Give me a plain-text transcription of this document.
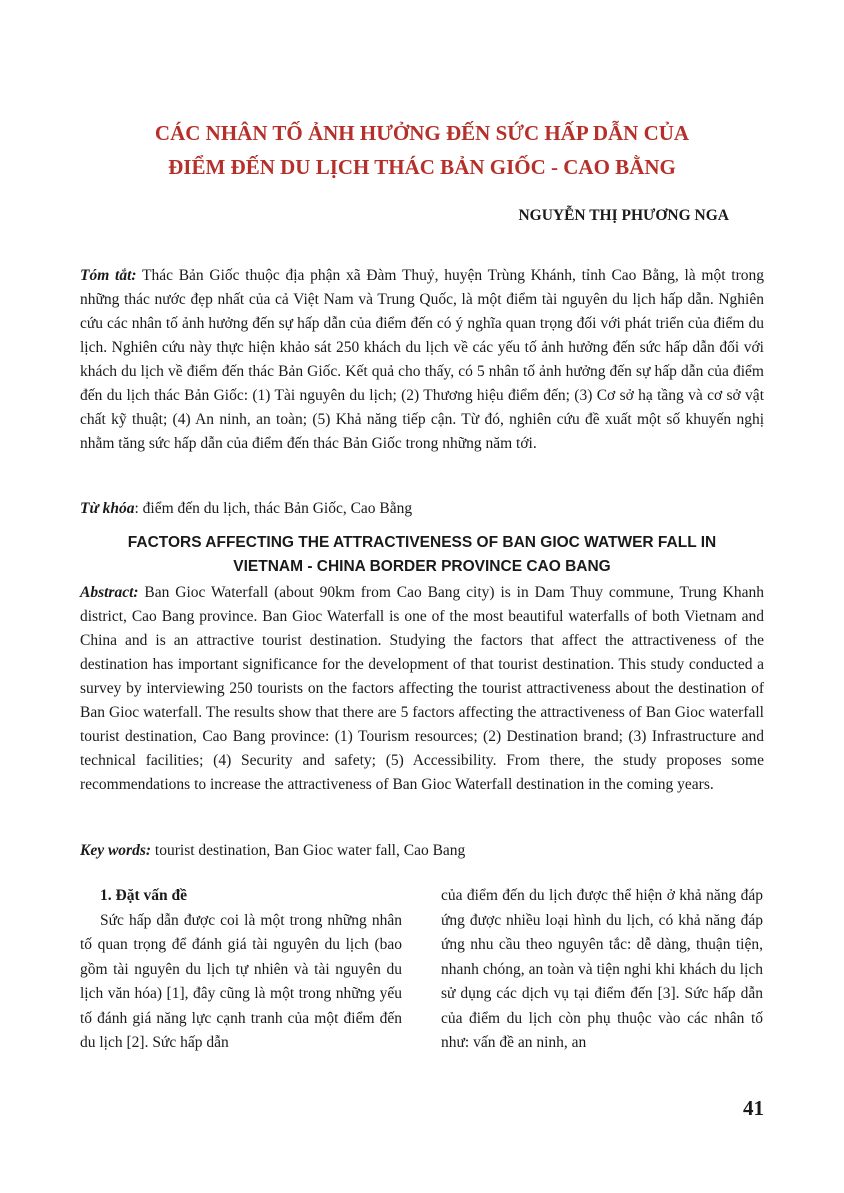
CÁC NHÂN TỐ ẢNH HƯỞNG ĐẾN SỨC HẤP DẪN CỦA
ĐIỂM ĐẾN DU LỊCH THÁC BẢN GIỐC - CAO BẰNG

NGUYỄN THỊ PHƯƠNG NGA

Tóm tắt: Thác Bản Giốc thuộc địa phận xã Đàm Thuỷ, huyện Trùng Khánh, tỉnh Cao Bằng, là một trong những thác nước đẹp nhất của cả Việt Nam và Trung Quốc, là một điểm tài nguyên du lịch hấp dẫn. Nghiên cứu các nhân tố ảnh hưởng đến sự hấp dẫn của điểm đến có ý nghĩa quan trọng đối với phát triển của điểm du lịch. Nghiên cứu này thực hiện khảo sát 250 khách du lịch về các yếu tố ảnh hưởng đến sức hấp dẫn đối với khách du lịch về điểm đến thác Bản Giốc. Kết quả cho thấy, có 5 nhân tố ảnh hưởng đến sự hấp dẫn của điểm đến du lịch thác Bản Giốc: (1) Tài nguyên du lịch; (2) Thương hiệu điểm đến; (3) Cơ sở hạ tầng và cơ sở vật chất kỹ thuật; (4) An ninh, an toàn; (5) Khả năng tiếp cận. Từ đó, nghiên cứu đề xuất một số khuyến nghị nhằm tăng sức hấp dẫn của điểm đến thác Bản Giốc trong những năm tới.

Từ khóa: điểm đến du lịch, thác Bản Giốc, Cao Bằng

FACTORS AFFECTING THE ATTRACTIVENESS OF BAN GIOC WATWER FALL IN
VIETNAM - CHINA BORDER PROVINCE CAO BANG

Abstract: Ban Gioc Waterfall (about 90km from Cao Bang city) is in Dam Thuy commune, Trung Khanh district, Cao Bang province. Ban Gioc Waterfall is one of the most beautiful waterfalls of both Vietnam and China and is an attractive tourist destination. Studying the factors that affect the attractiveness of the destination has important significance for the development of that tourist destination. This study conducted a survey by interviewing 250 tourists on the factors affecting the tourist attractiveness about the destination of Ban Gioc waterfall. The results show that there are 5 factors affecting the attractiveness of Ban Gioc waterfall tourist destination, Cao Bang province: (1) Tourism resources; (2) Destination brand; (3) Infrastructure and technical facilities; (4) Security and safety; (5) Accessibility. From there, the study proposes some recommendations to increase the attractiveness of Ban Gioc Waterfall destination in the coming years.

Key words: tourist destination, Ban Gioc water fall, Cao Bang

1. Đặt vấn đề

Sức hấp dẫn được coi là một trong những nhân tố quan trọng để đánh giá tài nguyên du lịch (bao gồm tài nguyên du lịch tự nhiên và tài nguyên du lịch văn hóa) [1], đây cũng là một trong những yếu tố đánh giá năng lực cạnh tranh của một điểm đến du lịch [2]. Sức hấp dẫn

của điểm đến du lịch được thể hiện ở khả năng đáp ứng được nhiều loại hình du lịch, có khả năng đáp ứng nhu cầu theo nguyên tắc: dễ dàng, thuận tiện, nhanh chóng, an toàn và tiện nghi khi khách du lịch sử dụng các dịch vụ tại điểm đến [3]. Sức hấp dẫn của điểm du lịch còn phụ thuộc vào các nhân tố như: vấn đề an ninh, an

41
